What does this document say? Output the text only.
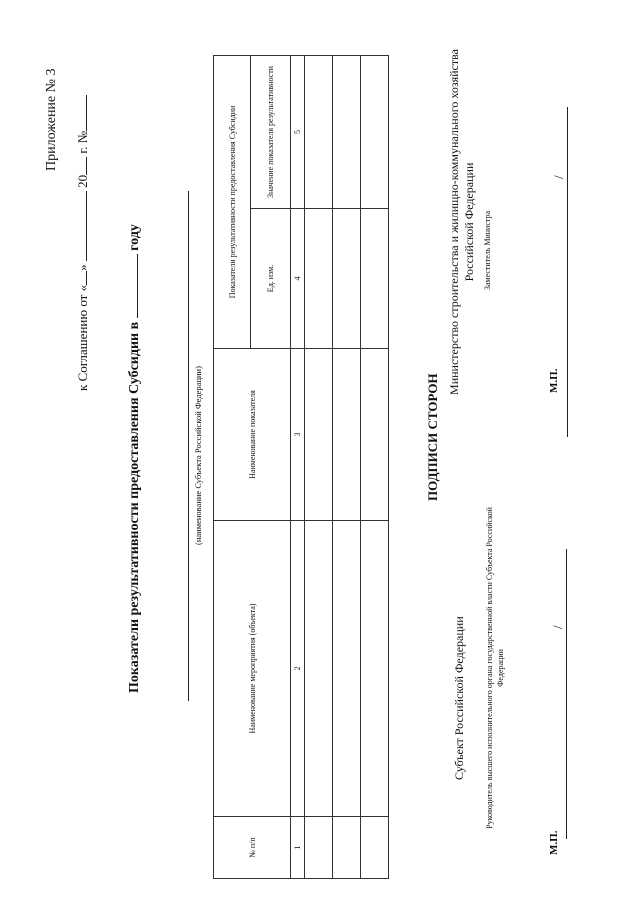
Приложение № 3
к Соглашению от «»  20 г. №
Показатели результативности предоставления Субсидии в  году
(наименование Субъекта Российской Федерации)
№ п/п	Наименование мероприятия (объекта)	Наименование показателя	Показатели результативности предоставления Субсидии	
			Ед. изм.	Значение показателя результативности
1	2	3	4	5

ПОДПИСИ СТОРОН
Субъект Российской Федерации
Министерство строительства и жилищно-коммунального хозяйства Российской Федерации
Руководитель высшего исполнительного органа государственной власти Субъекта Российской Федерации
Заместитель Министра
/
/
М.П.
М.П.
